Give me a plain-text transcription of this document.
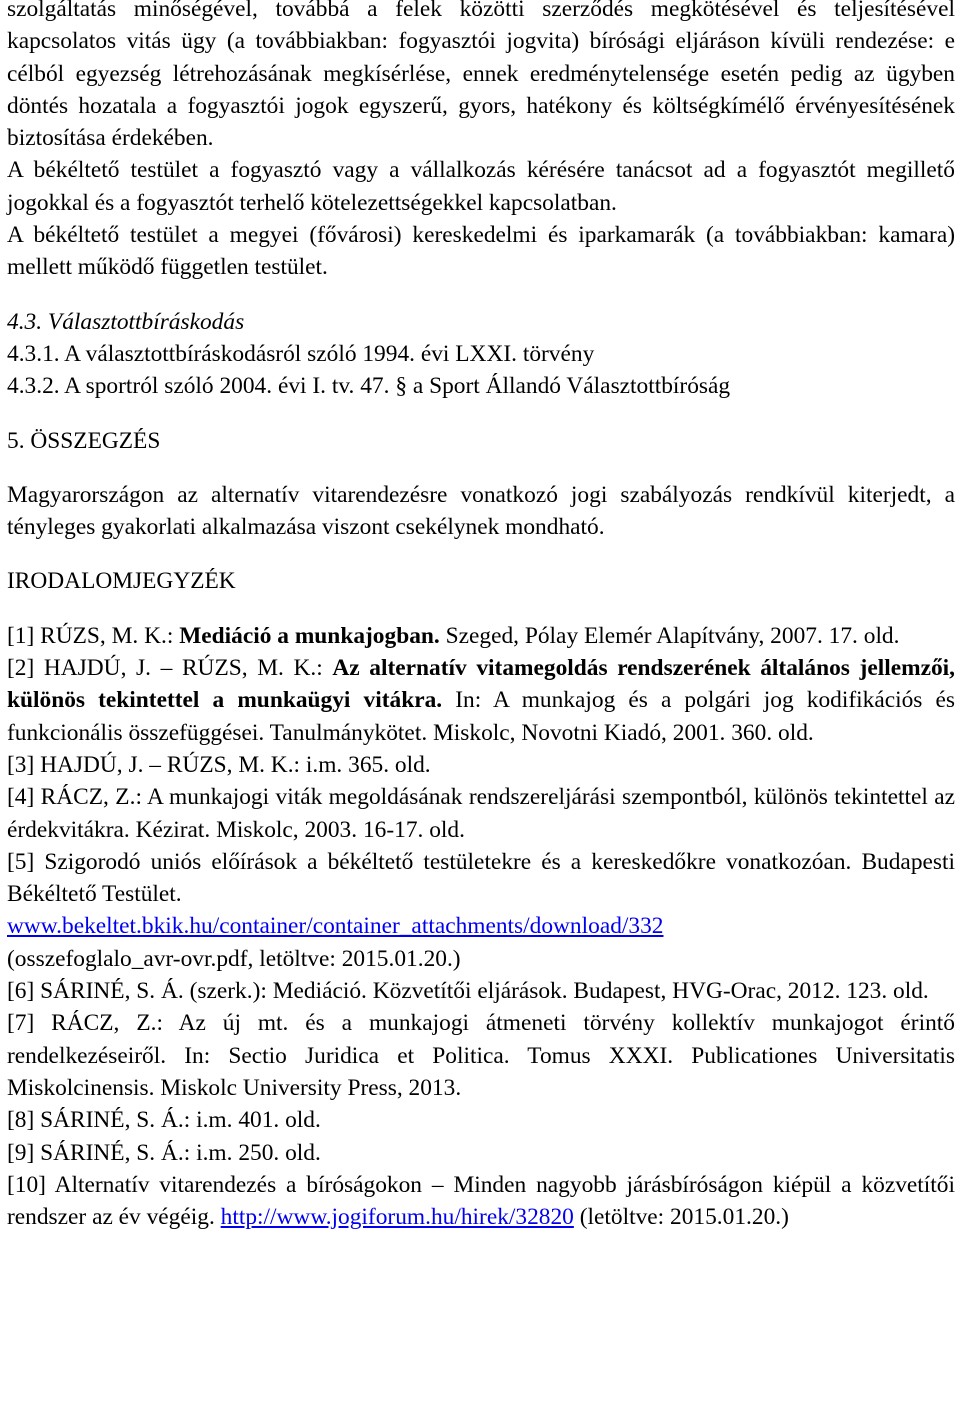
szolgáltatás minőségével, továbbá a felek közötti szerződés megkötésével és teljesítésével kapcsolatos vitás ügy (a továbbiakban: fogyasztói jogvita) bírósági eljáráson kívüli rendezése: e célból egyezség létrehozásának megkísérlése, ennek eredménytelensége esetén pedig az ügyben döntés hozatala a fogyasztói jogok egyszerű, gyors, hatékony és költségkímélő érvényesítésének biztosítása érdekében.

A békéltető testület a fogyasztó vagy a vállalkozás kérésére tanácsot ad a fogyasztót megillető jogokkal és a fogyasztót terhelő kötelezettségekkel kapcsolatban.

A békéltető testület a megyei (fővárosi) kereskedelmi és iparkamarák (a továbbiakban: kamara) mellett működő független testület.

4.3. Választottbíráskodás

4.3.1. A választottbíráskodásról szóló 1994. évi LXXI. törvény

4.3.2. A sportról szóló 2004. évi I. tv. 47. § a Sport Állandó Választottbíróság

5. ÖSSZEGZÉS

Magyarországon az alternatív vitarendezésre vonatkozó jogi szabályozás rendkívül kiterjedt, a tényleges gyakorlati alkalmazása viszont csekélynek mondható.

IRODALOMJEGYZÉK

[1] RÚZS, M. K.: Mediáció a munkajogban. Szeged, Pólay Elemér Alapítvány, 2007. 17. old.

[2] HAJDÚ, J. – RÚZS, M. K.: Az alternatív vitamegoldás rendszerének általános jellemzői, különös tekintettel a munkaügyi vitákra. In: A munkajog és a polgári jog kodifikációs és funkcionális összefüggései. Tanulmánykötet. Miskolc, Novotni Kiadó, 2001. 360. old.

[3] HAJDÚ, J. – RÚZS, M. K.: i.m. 365. old.

[4] RÁCZ, Z.: A munkajogi viták megoldásának rendszereljárási szempontból, különös tekintettel az érdekvitákra. Kézirat. Miskolc, 2003. 16-17. old.

[5] Szigorodó uniós előírások a békéltető testületekre és a kereskedőkre vonatkozóan. Budapesti Békéltető Testület.
www.bekeltet.bkik.hu/container/container_attachments/download/332
(osszefoglalo_avr-ovr.pdf, letöltve: 2015.01.20.)

[6] SÁRINÉ, S. Á. (szerk.): Mediáció. Közvetítői eljárások. Budapest, HVG-Orac, 2012. 123. old.

[7] RÁCZ, Z.: Az új mt. és a munkajogi átmeneti törvény kollektív munkajogot érintő rendelkezéseiről. In: Sectio Juridica et Politica. Tomus XXXI. Publicationes Universitatis Miskolcinensis. Miskolc University Press, 2013.

[8] SÁRINÉ, S. Á.: i.m. 401. old.

[9] SÁRINÉ, S. Á.: i.m. 250. old.

[10] Alternatív vitarendezés a bíróságokon – Minden nagyobb járásbíróságon kiépül a közvetítői rendszer az év végéig. http://www.jogiforum.hu/hirek/32820 (letöltve: 2015.01.20.)
